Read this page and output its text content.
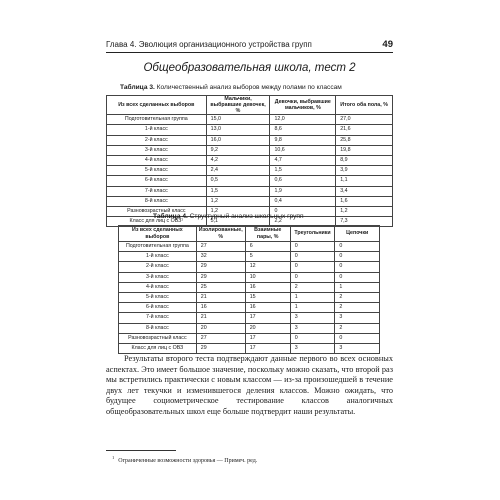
Глава 4. Эволюция организационного устройства групп	49
Общеобразовательная школа, тест 2
Таблица 3. Количественный анализ выборов между полами по классам
Из всех сделанных выборов	Мальчики, выбравшие девочек, %	Девочки, выбравшие мальчиков, %	Итого оба пола, %
Подготовительная группа	15,0	12,0	27,0
1-й класс	13,0	8,6	21,6
2-й класс	16,0	9,8	25,8
3-й класс	9,2	10,6	19,8
4-й класс	4,2	4,7	8,9
5-й класс	2,4	1,5	3,9
6-й класс	0,5	0,6	1,1
7-й класс	1,5	1,9	3,4
8-й класс	1,2	0,4	1,6
Разновозрастный класс	1,2	0	1,2
Класс для лиц с ОВЗ¹	5,1	2,2	7,3
Таблица 4. Структурный анализ школьных групп
Из всех сделанных выборов	Изолированные, %	Взаимные пары, %	Треугольники	Цепочки
Подготовительная группа	27	6	0	0
1-й класс	32	5	0	0
2-й класс	29	12	0	0
3-й класс	29	10	0	0
4-й класс	25	16	2	1
5-й класс	21	15	1	2
6-й класс	16	16	1	2
7-й класс	21	17	3	3
8-й класс	20	20	3	2
Разновозрастный класс	27	17	0	0
Класс для лиц с ОВЗ	29	17	3	3

Результаты второго теста подтверждают данные первого во всех основных аспектах. Это имеет большое значение, поскольку можно сказать, что второй раз мы встретились практически с новым классом — из-за произошедшей в течение двух лет текучки и изменившегося деления классов. Можно ожидать, что будущее социометрическое тестирование классов аналогичных общеобразовательных школ еще больше подтвердит наши результаты.

$^1$Ограниченные возможности здоровья — Примеч. ред.
